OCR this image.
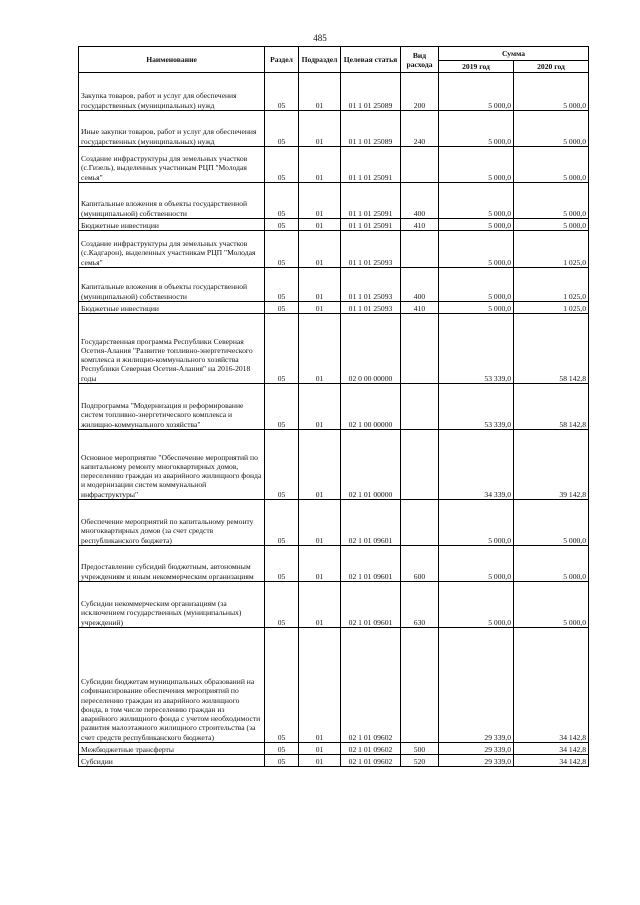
485
Наименование	Раздел	Подраздел	Целевая статья	Вид расхода	Сумма	
					2019 год	2020 год
Закупка товаров, работ и услуг для обеспечения государственных (муниципальных) нужд	05	01	01 1 01 25089	200	5 000,0	5 000,0
Иные закупки товаров, работ и услуг для обеспечения государственных (муниципальных) нужд	05	01	01 1 01 25089	240	5 000,0	5 000,0
Создание инфраструктуры для земельных участков (с.Гизель), выделенных участникам РЦП "Молодая семья"	05	01	01 1 01 25091		5 000,0	5 000,0
Капитальные вложения в объекты государственной (муниципальной) собственности	05	01	01 1 01 25091	400	5 000,0	5 000,0
Бюджетные инвестиции	05	01	01 1 01 25091	410	5 000,0	5 000,0
Создание инфраструктуры для земельных участков (с.Кадгарон), выделенных участникам РЦП "Молодая семья"	05	01	01 1 01 25093		5 000,0	1 025,0
Капитальные вложения в объекты государственной (муниципальной) собственности	05	01	01 1 01 25093	400	5 000,0	1 025,0
Бюджетные инвестиции	05	01	01 1 01 25093	410	5 000,0	1 025,0
Государственная программа Республики Северная Осетия-Алания "Развитие топливно-энергетического комплекса и жилищно-коммунального хозяйства Республики Северная Осетия-Алания" на 2016-2018 годы	05	01	02 0 00 00000		53 339,0	58 142,8
Подпрограмма "Модернизация и реформирование систем топливно-энергетического комплекса и жилищно-коммунального хозяйства"	05	01	02 1 00 00000		53 339,0	58 142,8
Основное мероприятие "Обеспечение мероприятий по капитальному ремонту многоквартирных домов, переселению граждан из аварийного жилищного фонда и модернизации систем коммунальной инфраструктуры"	05	01	02 1 01 00000		34 339,0	39 142,8
Обеспечение мероприятий по капитальному ремонту многоквартирных домов (за счет средств республиканского бюджета)	05	01	02 1 01 09601		5 000,0	5 000,0
Предоставление субсидий бюджетным, автономным учреждениям и иным некоммерческим организациям	05	01	02 1 01 09601	600	5 000,0	5 000,0
Субсидии некоммерческим организациям (за исключением государственных (муниципальных) учреждений)	05	01	02 1 01 09601	630	5 000,0	5 000,0
Субсидии бюджетам муниципальных образований на софинансирование обеспечения мероприятий по переселению граждан из аварийного жилищного фонда, в том числе переселению граждан из аварийного жилищного фонда с учетом необходимости развития малоэтажного жилищного строительства (за счет средств республиканского бюджета)	05	01	02 1 01 09602		29 339,0	34 142,8
Межбюджетные трансферты	05	01	02 1 01 09602	500	29 339,0	34 142,8
Субсидии	05	01	02 1 01 09602	520	29 339,0	34 142,8
